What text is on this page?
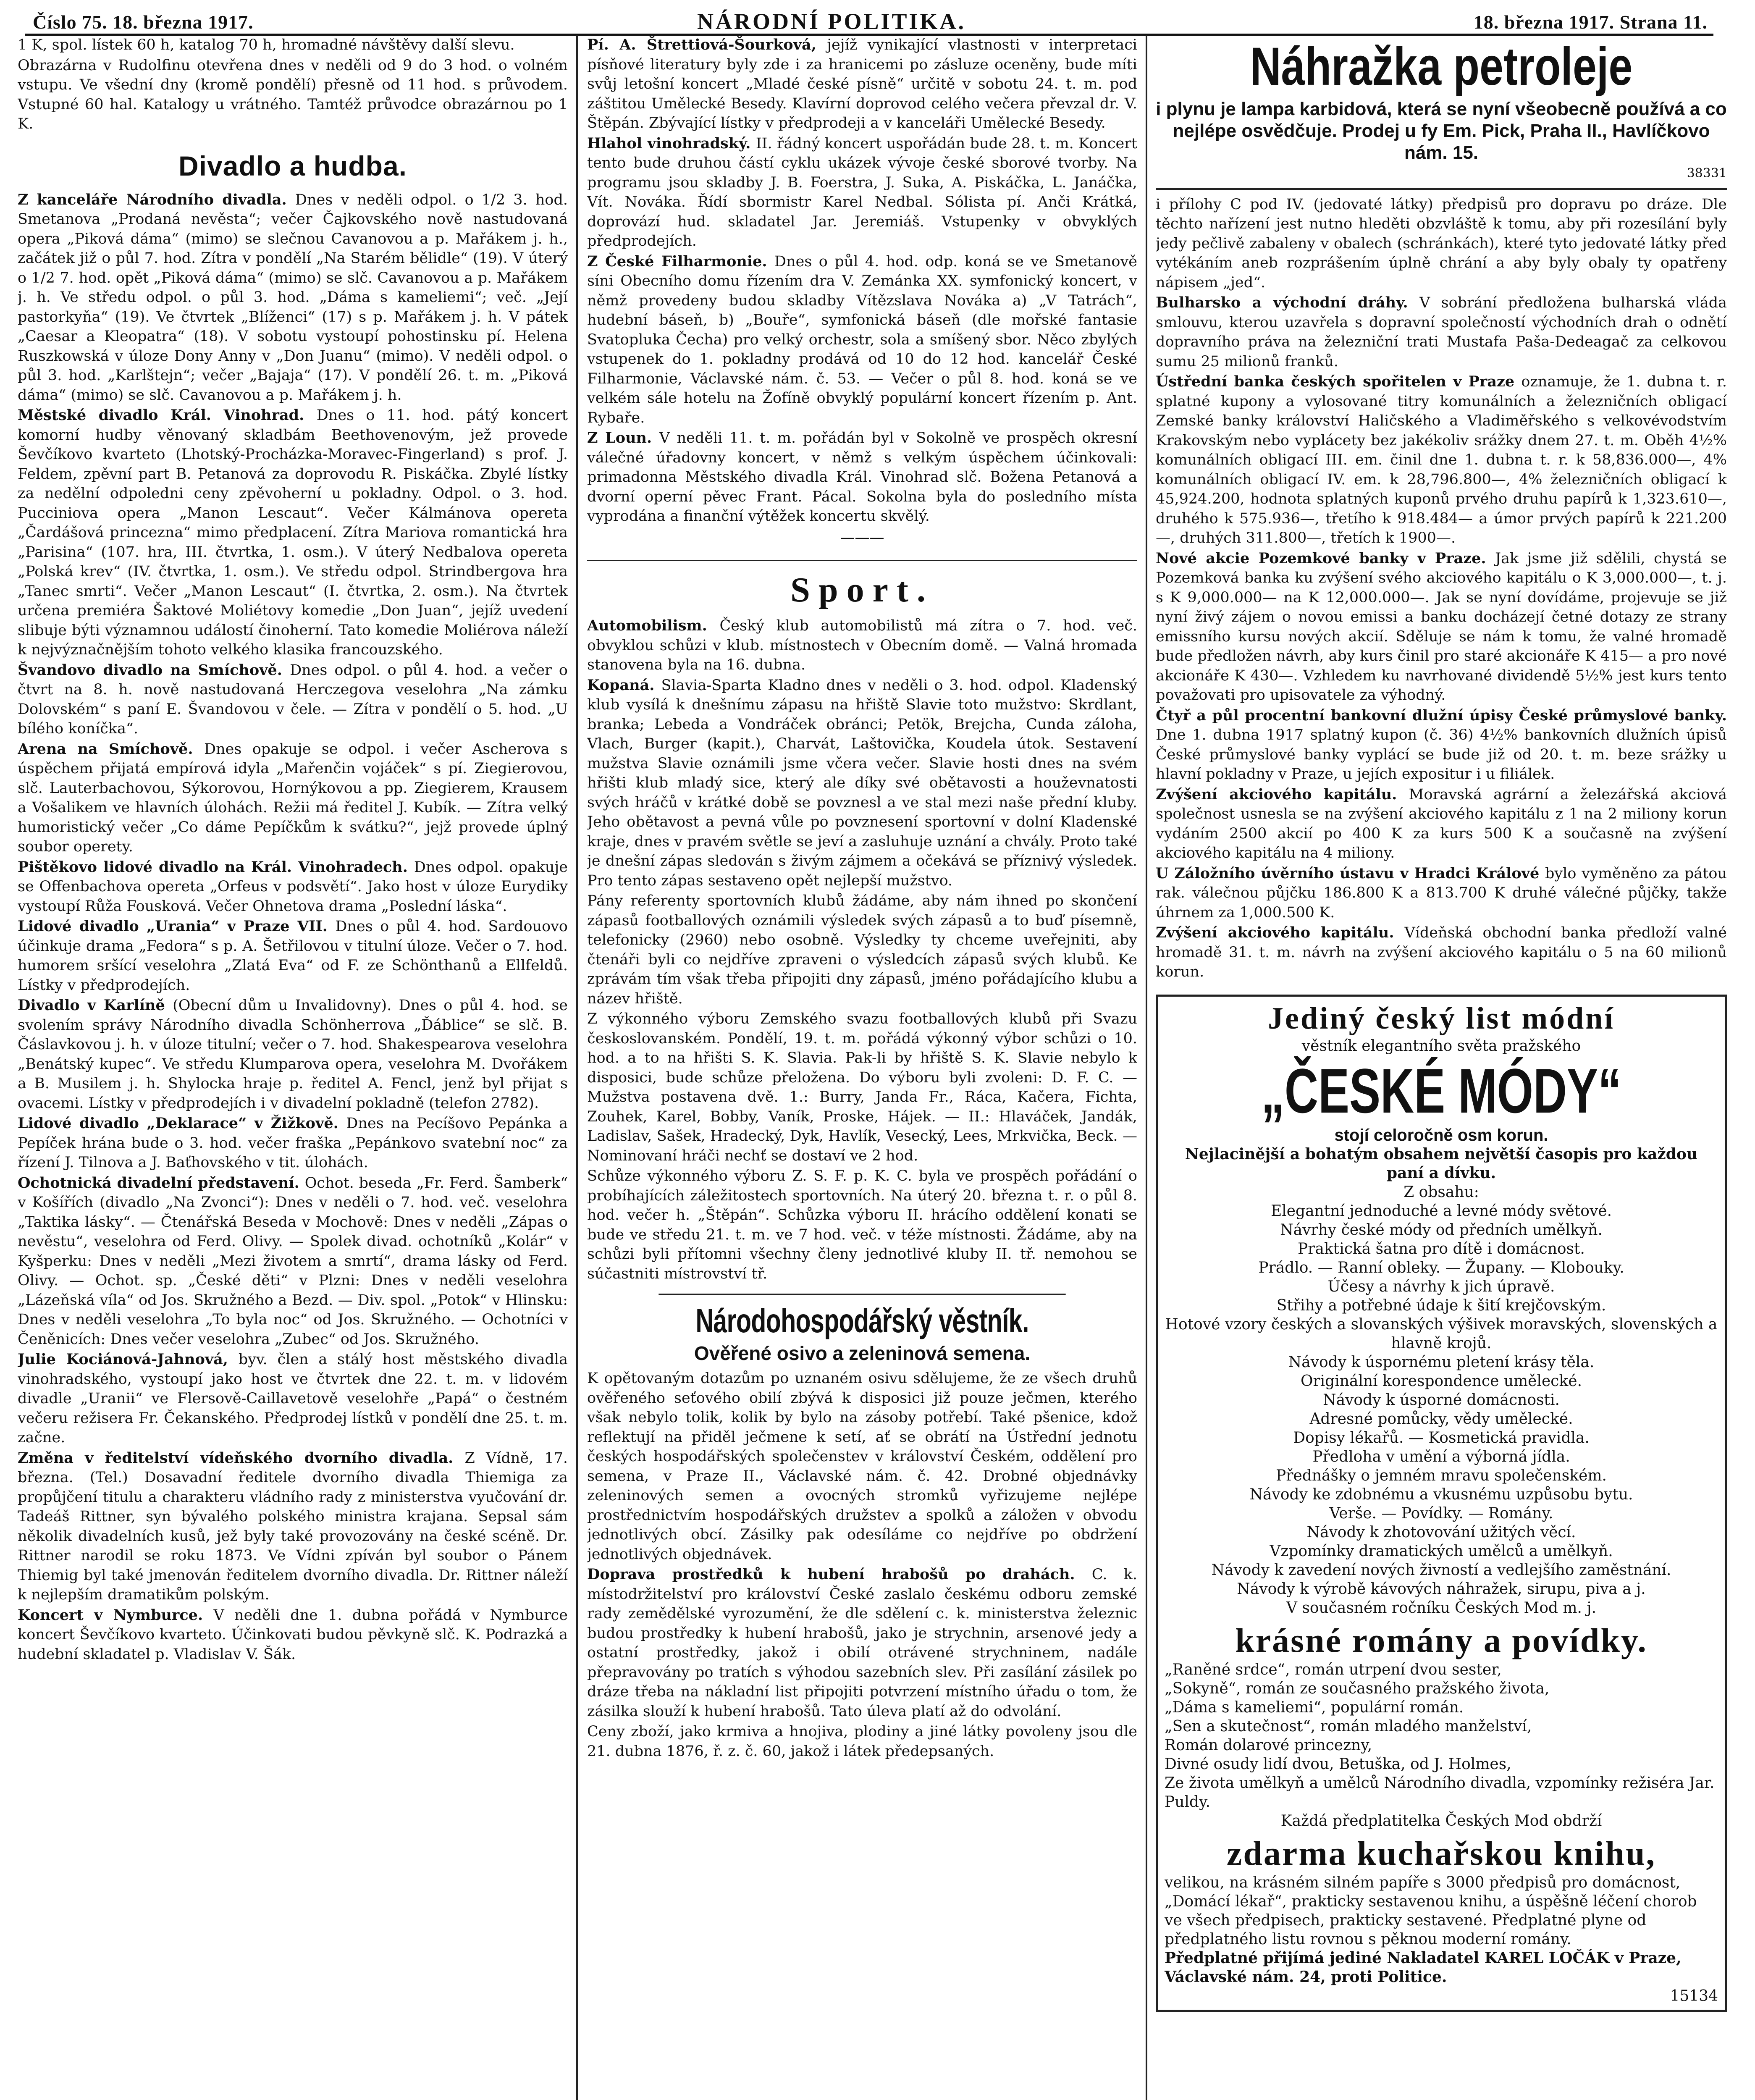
Číslo 75. 18. března 1917.	NÁRODNÍ POLITIKA.	18. března 1917. Strana 11.

1 K, spol. lístek 60 h, katalog 70 h, hromadné návštěvy další slevu.

Obrazárna v Rudolfinu otevřena dnes v neděli od 9 do 3 hod. o volném vstupu. Ve všední dny (kromě pondělí) přesně od 11 hod. s průvodem. Vstupné 60 hal. Katalogy u vrátného. Tamtéž průvodce obrazárnou po 1 K.

Divadlo a hudba.

Z kanceláře Národního divadla. Dnes v neděli odpol. o 1/2 3. hod. Smetanova „Prodaná nevěsta“; večer Čajkovského nově nastudovaná opera „Piková dáma“ (mimo) se slečnou Cavanovou a p. Mařákem j. h., začátek již o půl 7. hod. Zítra v pondělí „Na Starém bělidle“ (19). V úterý o 1/2 7. hod. opět „Piková dáma“ (mimo) se slč. Cavanovou a p. Mařákem j. h. Ve středu odpol. o půl 3. hod. „Dáma s kameliemi“; več. „Její pastorkyňa“ (19). Ve čtvrtek „Blíženci“ (17) s p. Mařákem j. h. V pátek „Caesar a Kleopatra“ (18). V sobotu vystoupí pohostinsku pí. Helena Ruszkowská v úloze Dony Anny v „Don Juanu“ (mimo). V neděli odpol. o půl 3. hod. „Karlštejn“; večer „Bajaja“ (17). V pondělí 26. t. m. „Piková dáma“ (mimo) se slč. Cavanovou a p. Mařákem j. h.

Městské divadlo Král. Vinohrad. Dnes o 11. hod. pátý koncert komorní hudby věnovaný skladbám Beethovenovým, jež provede Ševčíkovo kvarteto (Lhotský-Procházka-Moravec-Fingerland) s prof. J. Feldem, zpěvní part B. Petanová za doprovodu R. Piskáčka. Zbylé lístky za nedělní odpoledni ceny zpěvoherní u pokladny. Odpol. o 3. hod. Pucciniova opera „Manon Lescaut“. Večer Kálmánova opereta „Čardášová princezna“ mimo předplacení. Zítra Mariova romantická hra „Parisina“ (107. hra, III. čtvrtka, 1. osm.). V úterý Nedbalova opereta „Polská krev“ (IV. čtvrtka, 1. osm.). Ve středu odpol. Strindbergova hra „Tanec smrti“. Večer „Manon Lescaut“ (I. čtvrtka, 2. osm.). Na čtvrtek určena premiéra Šaktové Moliétovy komedie „Don Juan“, jejíž uvedení slibuje býti významnou událostí činoherní. Tato komedie Moliérova náleží k nejvýznačnějším tohoto velkého klasika francouzského.

Švandovo divadlo na Smíchově. Dnes odpol. o půl 4. hod. a večer o čtvrt na 8. h. nově nastudovaná Herczegova veselohra „Na zámku Dolovském“ s paní E. Švandovou v čele. — Zítra v pondělí o 5. hod. „U bílého koníčka“.

Arena na Smíchově. Dnes opakuje se odpol. i večer Ascherova s úspěchem přijatá empírová idyla „Mařenčin vojáček“ s pí. Ziegierovou, slč. Lauterbachovou, Sýkorovou, Hornýkovou a pp. Ziegierem, Krausem a Vošalikem ve hlavních úlohách. Režii má ředitel J. Kubík. — Zítra velký humoristický večer „Co dáme Pepíčkům k svátku?“, jejž provede úplný soubor operety.

Pištěkovo lidové divadlo na Král. Vinohradech. Dnes odpol. opakuje se Offenbachova opereta „Orfeus v podsvětí“. Jako host v úloze Eurydiky vystoupí Růža Fousková. Večer Ohnetova drama „Poslední láska“.

Lidové divadlo „Urania“ v Praze VII. Dnes o půl 4. hod. Sardouovo účinkuje drama „Fedora“ s p. A. Šetřilovou v titulní úloze. Večer o 7. hod. humorem sršící veselohra „Zlatá Eva“ od F. ze Schönthanů a Ellfeldů. Lístky v předprodejích.

Divadlo v Karlíně (Obecní dům u Invalidovny). Dnes o půl 4. hod. se svolením správy Národního divadla Schönherrova „Ďáblice“ se slč. B. Čáslavkovou j. h. v úloze titulní; večer o 7. hod. Shakespearova veselohra „Benátský kupec“. Ve středu Klumparova opera, veselohra M. Dvořákem a B. Musilem j. h. Shylocka hraje p. ředitel A. Fencl, jenž byl přijat s ovacemi. Lístky v předprodejích i v divadelní pokladně (telefon 2782).

Lidové divadlo „Deklarace“ v Žižkově. Dnes na Pecíšovo Pepánka a Pepíček hrána bude o 3. hod. večer fraška „Pepánkovo svatební noc“ za řízení J. Tilnova a J. Baťhovského v tit. úlohách.

Ochotnická divadelní představení. Ochot. beseda „Fr. Ferd. Šamberk“ v Košířích (divadlo „Na Zvonci“): Dnes v neděli o 7. hod. več. veselohra „Taktika lásky“. — Čtenářská Beseda v Mochově: Dnes v neděli „Zápas o nevěstu“, veselohra od Ferd. Olivy. — Spolek divad. ochotníků „Kolár“ v Kyšperku: Dnes v neděli „Mezi životem a smrtí“, drama lásky od Ferd. Olivy. — Ochot. sp. „České děti“ v Plzni: Dnes v neděli veselohra „Lázeňská víla“ od Jos. Skružného a Bezd. — Div. spol. „Potok“ v Hlinsku: Dnes v neděli veselohra „To byla noc“ od Jos. Skružného. — Ochotníci v Čeněnicích: Dnes večer veselohra „Zubec“ od Jos. Skružného.

Julie Kociánová-Jahnová, byv. člen a stálý host městského divadla vinohradského, vystoupí jako host ve čtvrtek dne 22. t. m. v lidovém divadle „Uranii“ ve Flersově-Caillavetově veselohře „Papá“ o čestném večeru režisera Fr. Čekanského. Předprodej lístků v pondělí dne 25. t. m. začne.

Změna v ředitelství vídeňského dvorního divadla. Z Vídně, 17. března. (Tel.) Dosavadní ředitele dvorního divadla Thiemiga za propůjčení titulu a charakteru vládního rady z ministerstva vyučování dr. Tadeáš Rittner, syn bývalého polského ministra krajana. Sepsal sám několik divadelních kusů, jež byly také provozovány na české scéně. Dr. Rittner narodil se roku 1873. Ve Vídni zpíván byl soubor o Pánem Thiemig byl také jmenován ředitelem dvorního divadla. Dr. Rittner náleží k nejlepším dramatikům polským.

Koncert v Nymburce. V neděli dne 1. dubna pořádá v Nymburce koncert Ševčíkovo kvarteto. Účinkovati budou pěvkyně slč. K. Podrazká a hudební skladatel p. Vladislav V. Šák.

Pí. A. Štrettiová-Šourková, jejíž vynikající vlastnosti v interpretaci písňové literatury byly zde i za hranicemi po zásluze oceněny, bude míti svůj letošní koncert „Mladé české písně“ určitě v sobotu 24. t. m. pod záštitou Umělecké Besedy. Klavírní doprovod celého večera převzal dr. V. Štěpán. Zbývající lístky v předprodeji a v kanceláři Umělecké Besedy.

Hlahol vinohradský. II. řádný koncert uspořádán bude 28. t. m. Koncert tento bude druhou částí cyklu ukázek vývoje české sborové tvorby. Na programu jsou skladby J. B. Foerstra, J. Suka, A. Piskáčka, L. Janáčka, Vít. Nováka. Řídí sbormistr Karel Nedbal. Sólista pí. Anči Krátká, doprovází hud. skladatel Jar. Jeremiáš. Vstupenky v obvyklých předprodejích.

Z České Filharmonie. Dnes o půl 4. hod. odp. koná se ve Smetanově síni Obecního domu řízením dra V. Zemánka XX. symfonický koncert, v němž provedeny budou skladby Vítězslava Nováka a) „V Tatrách“, hudební báseň, b) „Bouře“, symfonická báseň (dle mořské fantasie Svatopluka Čecha) pro velký orchestr, sola a smíšený sbor. Něco zbylých vstupenek do 1. pokladny prodává od 10 do 12 hod. kancelář České Filharmonie, Václavské nám. č. 53. — Večer o půl 8. hod. koná se ve velkém sále hotelu na Žofíně obvyklý populární koncert řízením p. Ant. Rybaře.

Z Loun. V neděli 11. t. m. pořádán byl v Sokolně ve prospěch okresní válečné úřadovny koncert, v němž s velkým úspěchem účinkovali: primadonna Městského divadla Král. Vinohrad slč. Božena Petanová a dvorní operní pěvec Frant. Pácal. Sokolna byla do posledního místa vyprodána a finanční výtěžek koncertu skvělý.

———
Sport.

Automobilism. Český klub automobilistů má zítra o 7. hod. več. obvyklou schůzi v klub. místnostech v Obecním domě. — Valná hromada stanovena byla na 16. dubna.

Kopaná. Slavia-Sparta Kladno dnes v neděli o 3. hod. odpol. Kladenský klub vysílá k dnešnímu zápasu na hřiště Slavie toto mužstvo: Skrdlant, branka; Lebeda a Vondráček obránci; Petök, Brejcha, Cunda záloha, Vlach, Burger (kapit.), Charvát, Laštovička, Koudela útok. Sestavení mužstva Slavie oznámili jsme včera večer. Slavie hosti dnes na svém hřišti klub mladý sice, který ale díky své obětavosti a houževnatosti svých hráčů v krátké době se povznesl a ve stal mezi naše přední kluby. Jeho obětavost a pevná vůle po povznesení sportovní v dolní Kladenské kraje, dnes v pravém světle se jeví a zasluhuje uznání a chvály. Proto také je dnešní zápas sledován s živým zájmem a očekává se příznivý výsledek. Pro tento zápas sestaveno opět nejlepší mužstvo.

Pány referenty sportovních klubů žádáme, aby nám ihned po skončení zápasů footballových oznámili výsledek svých zápasů a to buď písemně, telefonicky (2960) nebo osobně. Výsledky ty chceme uveřejniti, aby čtenáři byli co nejdříve zpraveni o výsledcích zápasů svých klubů. Ke zprávám tím však třeba připojiti dny zápasů, jméno pořádajícího klubu a název hřiště.

Z výkonného výboru Zemského svazu footballových klubů při Svazu českoslovanském. Pondělí, 19. t. m. pořádá výkonný výbor schůzi o 10. hod. a to na hřišti S. K. Slavia. Pak-li by hřiště S. K. Slavie nebylo k disposici, bude schůze přeložena. Do výboru byli zvoleni: D. F. C. — Mužstva postavena dvě. 1.: Burry, Janda Fr., Ráca, Kačera, Fichta, Zouhek, Karel, Bobby, Vaník, Proske, Hájek. — II.: Hlaváček, Jandák, Ladislav, Sašek, Hradecký, Dyk, Havlík, Vesecký, Lees, Mrkvička, Beck. — Nominovaní hráči nechť se dostaví ve 2 hod.

Schůze výkonného výboru Z. S. F. p. K. C. byla ve prospěch pořádání o probíhajících záležitostech sportovních. Na úterý 20. března t. r. o půl 8. hod. večer h. „Štěpán“. Schůzka výboru II. hrácího oddělení konati se bude ve středu 21. t. m. ve 7 hod. več. v téže místnosti. Žádáme, aby na schůzi byli přítomni všechny členy jednotlivé kluby II. tř. nemohou se súčastniti místrovství tř.

Národohospodářský věstník.
Ověřené osivo a zeleninová semena.

K opětovaným dotazům po uznaném osivu sdělujeme, že ze všech druhů ověřeného seťového obilí zbývá k disposici již pouze ječmen, kterého však nebylo tolik, kolik by bylo na zásoby potřebí. Také pšenice, kdož reflektují na přiděl ječmene k setí, ať se obrátí na Ústřední jednotu českých hospodářských společenstev v království Českém, oddělení pro semena, v Praze II., Václavské nám. č. 42. Drobné objednávky zeleninových semen a ovocných stromků vyřizujeme nejlépe prostřednictvím hospodářských družstev a spolků a záložen v obvodu jednotlivých obcí. Zásilky pak odesíláme co nejdříve po obdržení jednotlivých objednávek.

Doprava prostředků k hubení hrabošů po drahách. C. k. místodržitelství pro království České zaslalo českému odboru zemské rady zemědělské vyrozumění, že dle sdělení c. k. ministerstva železnic budou prostředky k hubení hrabošů, jako je strychnin, arsenové jedy a ostatní prostředky, jakož i obilí otrávené strychninem, nadále přepravovány po tratích s výhodou sazebních slev. Při zasílání zásilek po dráze třeba na nákladní list připojiti potvrzení místního úřadu o tom, že zásilka slouží k hubení hrabošů. Tato úleva platí až do odvolání.

Ceny zboží, jako krmiva a hnojiva, plodiny a jiné látky povoleny jsou dle 21. dubna 1876, ř. z. č. 60, jakož i látek předepsaných.

Náhražka petroleje
i plynu je lampa karbidová, která se nyní všeobecně používá a co nejlépe osvědčuje. Prodej u fy Em. Pick, Praha II., Havlíčkovo nám. 15.
38331

i přílohy C pod IV. (jedovaté látky) předpisů pro dopravu po dráze. Dle těchto nařízení jest nutno hleděti obzvláště k tomu, aby při rozesílání byly jedy pečlivě zabaleny v obalech (schránkách), které tyto jedovaté látky před vytékáním aneb rozprášením úplně chrání a aby byly obaly ty opatřeny nápisem „jed“.

Bulharsko a východní dráhy. V sobrání předložena bulharská vláda smlouvu, kterou uzavřela s dopravní společností východních drah o odnětí dopravního práva na železniční trati Mustafa Paša-Dedeagač za celkovou sumu 25 milionů franků.

Ústřední banka českých spořitelen v Praze oznamuje, že 1. dubna t. r. splatné kupony a vylosované titry komunálních a železničních obligací Zemské banky království Haličského a Vladiměřského s velkovévodstvím Krakovským nebo vyplácety bez jakékoliv srážky dnem 27. t. m. Oběh 4½% komunálních obligací III. em. činil dne 1. dubna t. r. k 58,836.000—, 4% komunálních obligací IV. em. k 28,796.800—, 4% železničních obligací k 45,924.200, hodnota splatných kuponů prvého druhu papírů k 1,323.610—, druhého k 575.936—, třetího k 918.484— a úmor prvých papírů k 221.200—, druhých 311.800—, třetích k 1900—.

Nové akcie Pozemkové banky v Praze. Jak jsme již sdělili, chystá se Pozemková banka ku zvýšení svého akciového kapitálu o K 3,000.000—, t. j. s K 9,000.000— na K 12,000.000—. Jak se nyní dovídáme, projevuje se již nyní živý zájem o novou emissi a banku docházejí četné dotazy ze strany emissního kursu nových akcií. Sděluje se nám k tomu, že valné hromadě bude předložen návrh, aby kurs činil pro staré akcionáře K 415— a pro nové akcionáře K 430—. Vzhledem ku navrhované dividendě 5½% jest kurs tento považovati pro upisovatele za výhodný.

Čtyř a půl procentní bankovní dlužní úpisy České průmyslové banky. Dne 1. dubna 1917 splatný kupon (č. 36) 4½% bankovních dlužních úpisů České průmyslové banky vyplácí se bude již od 20. t. m. beze srážky u hlavní pokladny v Praze, u jejích expositur i u filiálek.

Zvýšení akciového kapitálu. Moravská agrární a železářská akciová společnost usnesla se na zvýšení akciového kapitálu z 1 na 2 miliony korun vydáním 2500 akcií po 400 K za kurs 500 K a současně na zvýšení akciového kapitálu na 4 miliony.

U Záložního úvěrního ústavu v Hradci Králové bylo vyměněno za pátou rak. válečnou půjčku 186.800 K a 813.700 K druhé válečné půjčky, takže úhrnem za 1,000.500 K.

Zvýšení akciového kapitálu. Vídeňská obchodní banka předloží valné hromadě 31. t. m. návrh na zvýšení akciového kapitálu o 5 na 60 milionů korun.

Jediný český list módní
věstník elegantního světa pražského
„ČESKÉ MÓDY“
stojí celoročně osm korun.
Nejlacinější a bohatým obsahem největší časopis pro každou paní a dívku.
Z obsahu:
Elegantní jednoduché a levné módy světové.
Návrhy české módy od předních umělkyň.
Praktická šatna pro dítě i domácnost.
Prádlo. — Ranní obleky. — Župany. — Klobouky.
Účesy a návrhy k jich úpravě.
Střihy a potřebné údaje k šití krejčovským.
Hotové vzory českých a slovanských výšivek moravských, slovenských a hlavně krojů.
Návody k úspornému pletení krásy těla.
Originální korespondence umělecké.
Návody k úsporné domácnosti.
Adresné pomůcky, vědy umělecké.
Dopisy lékařů. — Kosmetická pravidla.
Předloha v umění a výborná jídla.
Přednášky o jemném mravu společenském.
Návody ke zdobnému a vkusnému uzpůsobu bytu.
Verše. — Povídky. — Romány.
Návody k zhotovování užitých věcí.
Vzpomínky dramatických umělců a umělkyň.
Návody k zavedení nových živností a vedlejšího zaměstnání.
Návody k výrobě kávových náhražek, sirupu, piva a j.
V současném ročníku Českých Mod m. j.
krásné romány a povídky.
„Raněné srdce“, román utrpení dvou sester,
„Sokyně“, román ze současného pražského života,
„Dáma s kameliemi“, populární román.
„Sen a skutečnost“, román mladého manželství,
Román dolarové princezny,
Divné osudy lidí dvou, Betuška, od J. Holmes,
Ze života umělkyň a umělců Národního divadla, vzpomínky režiséra Jar. Puldy.
Každá předplatitelka Českých Mod obdrží
zdarma kuchařskou knihu,
velikou, na krásném silném papíře s 3000 předpisů pro domácnost, „Domácí lékař“, prakticky sestavenou knihu, a úspěšně léčení chorob ve všech předpisech, prakticky sestavené. Předplatné plyne od předplatného listu rovnou s pěknou moderní romány.
Předplatné přijímá jediné Nakladatel KAREL LOČÁK v Praze, Václavské nám. 24, proti Politice.
15134
